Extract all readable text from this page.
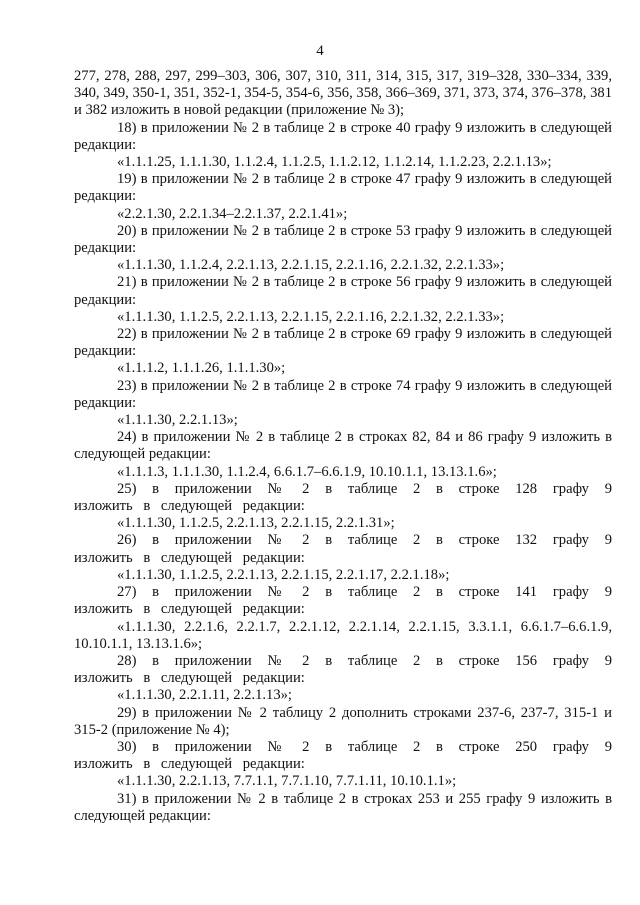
4
277, 278, 288, 297, 299–303, 306, 307, 310, 311, 314, 315, 317, 319–328, 330–334, 339, 340, 349, 350-1, 351, 352-1, 354-5, 354-6, 356, 358, 366–369, 371, 373, 374, 376–378, 381 и 382 изложить в новой редакции (приложение № 3);
18) в приложении № 2 в таблице 2 в строке 40 графу 9 изложить в следующей редакции:
«1.1.1.25, 1.1.1.30, 1.1.2.4, 1.1.2.5, 1.1.2.12, 1.1.2.14, 1.1.2.23, 2.2.1.13»;
19) в приложении № 2 в таблице 2 в строке 47 графу 9 изложить в следующей редакции:
«2.2.1.30, 2.2.1.34–2.2.1.37, 2.2.1.41»;
20) в приложении № 2 в таблице 2 в строке 53 графу 9 изложить в следующей редакции:
«1.1.1.30, 1.1.2.4, 2.2.1.13, 2.2.1.15, 2.2.1.16, 2.2.1.32, 2.2.1.33»;
21) в приложении № 2 в таблице 2 в строке 56 графу 9 изложить в следующей редакции:
«1.1.1.30, 1.1.2.5, 2.2.1.13, 2.2.1.15, 2.2.1.16, 2.2.1.32, 2.2.1.33»;
22) в приложении № 2 в таблице 2 в строке 69 графу 9 изложить в следующей редакции:
«1.1.1.2, 1.1.1.26, 1.1.1.30»;
23) в приложении № 2 в таблице 2 в строке 74 графу 9 изложить в следующей редакции:
«1.1.1.30, 2.2.1.13»;
24) в приложении № 2 в таблице 2 в строках 82, 84 и 86 графу 9 изложить в следующей редакции:
«1.1.1.3, 1.1.1.30, 1.1.2.4, 6.6.1.7–6.6.1.9, 10.10.1.1, 13.13.1.6»;
25) в приложении № 2 в таблице 2 в строке 128 графу 9 изложить в следующей редакции:
«1.1.1.30, 1.1.2.5, 2.2.1.13, 2.2.1.15, 2.2.1.31»;
26) в приложении № 2 в таблице 2 в строке 132 графу 9 изложить в следующей редакции:
«1.1.1.30, 1.1.2.5, 2.2.1.13, 2.2.1.15, 2.2.1.17, 2.2.1.18»;
27) в приложении № 2 в таблице 2 в строке 141 графу 9 изложить в следующей редакции:
«1.1.1.30, 2.2.1.6, 2.2.1.7, 2.2.1.12, 2.2.1.14, 2.2.1.15, 3.3.1.1, 6.6.1.7–6.6.1.9, 10.10.1.1, 13.13.1.6»;
28) в приложении № 2 в таблице 2 в строке 156 графу 9 изложить в следующей редакции:
«1.1.1.30, 2.2.1.11, 2.2.1.13»;
29) в приложении № 2 таблицу 2 дополнить строками 237-6, 237-7, 315-1 и 315-2 (приложение № 4);
30) в приложении № 2 в таблице 2 в строке 250 графу 9 изложить в следующей редакции:
«1.1.1.30, 2.2.1.13, 7.7.1.1, 7.7.1.10, 7.7.1.11, 10.10.1.1»;
31) в приложении № 2 в таблице 2 в строках 253 и 255 графу 9 изложить в следующей редакции:
